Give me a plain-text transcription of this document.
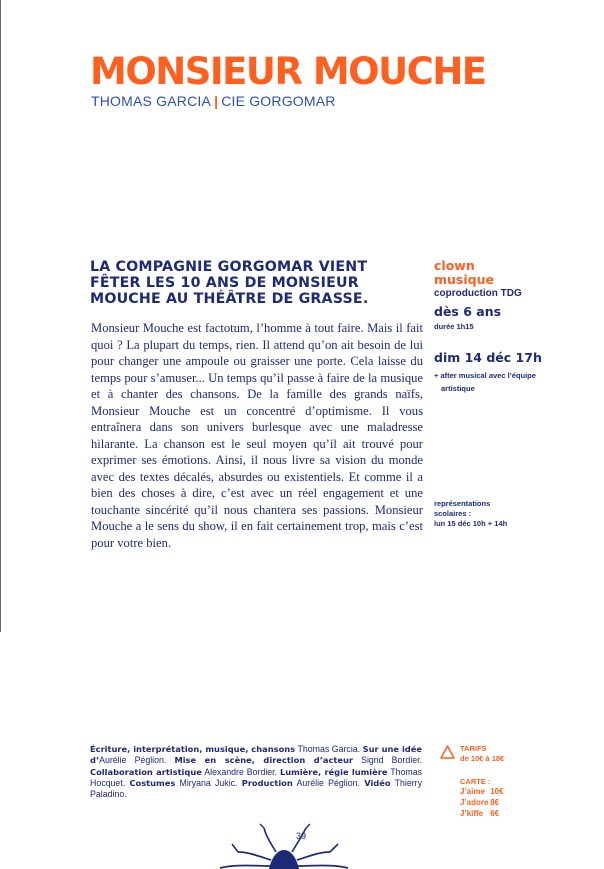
MONSIEUR MOUCHE
THOMAS GARCIA | CIE GORGOMAR
LA COMPAGNIE GORGOMAR VIENT FÊTER LES 10 ANS DE MONSIEUR MOUCHE AU THÉÂTRE DE GRASSE.

Monsieur Mouche est factotum, l’homme à tout faire. Mais il fait quoi ? La plupart du temps, rien. Il attend qu’on ait besoin de lui pour changer une ampoule ou graisser une porte. Cela laisse du temps pour s’amuser... Un temps qu’il passe à faire de la musique et à chanter des chansons. De la famille des grands naïfs, Monsieur Mouche est un concentré d’optimisme. Il vous entraînera dans son univers burlesque avec une maladresse hilarante. La chanson est le seul moyen qu’il ait trouvé pour exprimer ses émotions. Ainsi, il nous livre sa vision du monde avec des textes décalés, absurdes ou existentiels. Et comme il a bien des choses à dire, c’est avec un réel engagement et une touchante sincérité qu’il nous chantera ses passions. Monsieur Mouche a le sens du show, il en fait certainement trop, mais c’est pour votre bien.

clown
musique
coproduction TDG
dès 6 ans
durée 1h15
dim 14 déc 17h
+ after musical avec l’équipe
artistique
représentations
scolaires :
lun 15 déc 10h + 14h

Écriture, interprétation, musique, chansons Thomas Garcia. Sur une idée d’Aurélie Péglion. Mise en scène, direction d’acteur Sigrid Bordier. Collaboration artistique Alexandre Bordier. Lumière, régie lumière Thomas Hocquet. Costumes Miryana Jukic. Production Aurélie Péglion. Vidéo Thierry Paladino.

TARIFS
de 10€ à 18€
CARTE :
J’aime 10€
J’adore 8€
J’kiffe 6€
39
